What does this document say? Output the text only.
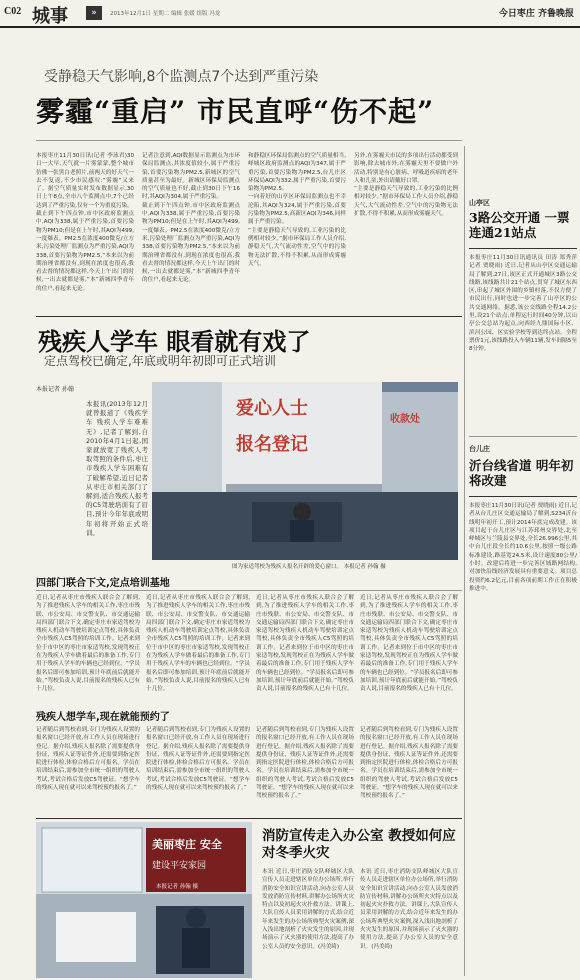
C02 城事	»	2013年12月1日 星期二 编辑 张媛 组版 冯龙	今日枣庄 齐鲁晚报
受静稳天气影响,8个监测点7个达到严重污染
雾霾“重启” 市民直呼“伤不起”
本报枣庄11月30日讯(记者 李泳君)30日一大早,天气就一片雾蒙蒙,整个城市仿佛一张黑白老照片,前两天的好天气一去不复返,不少市民感叹:“雾霾”又来了。据空气质量实时发布数据显示,30日上午8点,全市八个监测点中,7个已经达到了严重污染,仅有一个为重度污染。
截止到下午四点钟,市中区政府监测点中,AQI为338,属于严重污染,首要污染物为PM10;但是在上午时,其AQI为499,一度爆表。PM2.5在浓度400微克/立方米,污染处理厂监测点为严重污染,AQI为338,首要污染物为PM2.5,“本来以为前期治理省都没有,到现在浓度也很高,我看去督的情况都这样,今天上午出门的时候,一出去就都是雾,“本”新城四季青年的住户,看起来无论。
记者注意到,AQI数据显示监测点为市环保局监测点,其浓度值较小,属于严重污染,首要污染物为PM2.5,新城区的空气质量甚至为最好。新城区环保局监测点的空气质量也不好,截止到30日下午16时,其AQI为304,属于严重污染。
截止到下午四点钟,市中区政府监测点中,AQI为338,属于严重污染,首要污染物为PM10;但是在上午时,其AQI为499,一度爆表。PM2.5在浓度400微克/立方米,污染处理厂监测点为严重污染,AQI为338,首要污染物为PM2.5,“本来以为前期治理省都没有,到现在浓度也很高,我看去督的情况都这样,今天上午出门的时候,一出去就都是雾,“本”新城四季青年的住户,看起来无论。
和静稳区环保局监测点的空气质量相当,峄城区政府监测点的AQI为347,属于严重污染,首要污染物为PM2.5,台儿庄区环保局AQI为332,属于严重污染,首要污染物为PM2.5。
一向着好的山亭区环保局监测点也不幸沦陷,其AQI为324,属于严重污染,首要污染物为PM2.5,高新区AQI为346,同样属于严重污染。
“主要是静稳天气导致的,工业污染的比例相对较少。”据市环保局工作人员介绍,静稳天气,大气流动性差,空气中的污染物无法扩散,不得不积累,从而形成雾霾天气。
另外,在雾霾天市民的多项出行活动都受到影响,除去城市外,在雾霾天里不要做户外活动,特别是有心脏病、呼吸道疾病的老年人和儿童,外出请戴好口罩。
“主要是静稳天气导致的,工业污染的比例相对较少。”据市环保局工作人员介绍,静稳天气,大气流动性差,空气中的污染物无法扩散,不得不积累,从而形成雾霾天气。
山亭区
3路公交开通 一票连通21站点
本报枣庄11月30日讯通讯员 田涛 郑秀萍 记者 贾晓雨) 近日,记者从山亭区交通运输局了解到,27日,该区正式开通城区3路公交线路,该线路共计21个站点,贯穿了城区东西区,串起了城区外围的乡镇村落,不仅方便了市民出行,同时也进一步完善了山亭区的公共交通网络。据悉,该公交线路全程14.2公里,设21个站点,单程运行时间40分钟,以山亭公交总站为起点,向西经九鼎国际小区、滨河公园、区实验学校等到达终点站。全程票价1元,该线路投入车辆11辆,发车间隔5至8分钟。
台儿庄
沂台线省道 明年初将改建
本报枣庄11月30日讯(记者 贾晓雨) 近日,记者从台儿庄区交通运输局了解到,S234沂台线明年初开工,预计2014年底完成改建。该项目起于台儿庄区与江苏邳州交界处,北至峄城区与兰陵县交界处,全长26.996公里,其中台儿庄段全长约10.6公里,按照一级公路标准建设,路基宽24.5米,设计速度80公里/小时。改建后将进一步完善区域路网结构,对加快沿线经济发展具有重要意义。项目总投资约6.2亿元,目前各项前期工作正在积极推进中。
残疾人学车 眼看就有戏了
定点驾校已确定,年底或明年初即可正式培训
本报记者 孙翰
本报讯(2013年12月就曾报道了《残疾学车 残疾人学车难难无》,记者了解到,自2010年4月1日起,国家就放宽了残疾人考取驾照的条件后,枣庄市残疾人学车困难有了破解希望,近日记者从枣庄市相关部门了解到,适合残疾人报考的C5驾驶培训有了眉目,预计今年年底或明年初将开始正式培训。
爱心人士
报名登记
收款处
图为家适驾校为残疾人报名开辟的爱心窗口。 本报记者 孙翰 摄
四部门联合下文,定点培训基地
近日,记者从枣庄市残疾人联合会了解到,为了推进残疾人学车的相关工作,枣庄市残联、市公安局、市交警支队、市交通运输局四部门联合下文,确定枣庄市家适驾校为残疾人机动车驾驶培训定点驾校,具体负责全市残疾人C5驾照的培训工作。记者来到位于市中区的枣庄市家适驾校,发现驾校正在为残疾人学车做着最后的准备工作,专门用于残疾人学车的车辆也已经到位。“学员报名后即可参加培训,预计年底前后就能开始。”驾校负责人说,目前报名的残疾人已有十几位。
近日,记者从枣庄市残疾人联合会了解到,为了推进残疾人学车的相关工作,枣庄市残联、市公安局、市交警支队、市交通运输局四部门联合下文,确定枣庄市家适驾校为残疾人机动车驾驶培训定点驾校,具体负责全市残疾人C5驾照的培训工作。记者来到位于市中区的枣庄市家适驾校,发现驾校正在为残疾人学车做着最后的准备工作,专门用于残疾人学车的车辆也已经到位。“学员报名后即可参加培训,预计年底前后就能开始。”驾校负责人说,目前报名的残疾人已有十几位。
近日,记者从枣庄市残疾人联合会了解到,为了推进残疾人学车的相关工作,枣庄市残联、市公安局、市交警支队、市交通运输局四部门联合下文,确定枣庄市家适驾校为残疾人机动车驾驶培训定点驾校,具体负责全市残疾人C5驾照的培训工作。记者来到位于市中区的枣庄市家适驾校,发现驾校正在为残疾人学车做着最后的准备工作,专门用于残疾人学车的车辆也已经到位。“学员报名后即可参加培训,预计年底前后就能开始。”驾校负责人说,目前报名的残疾人已有十几位。
近日,记者从枣庄市残疾人联合会了解到,为了推进残疾人学车的相关工作,枣庄市残联、市公安局、市交警支队、市交通运输局四部门联合下文,确定枣庄市家适驾校为残疾人机动车驾驶培训定点驾校,具体负责全市残疾人C5驾照的培训工作。记者来到位于市中区的枣庄市家适驾校,发现驾校正在为残疾人学车做着最后的准备工作,专门用于残疾人学车的车辆也已经到位。“学员报名后即可参加培训,预计年底前后就能开始。”驾校负责人说,目前报名的残疾人已有十几位。
残疾人想学车,现在就能预约了
记者随后到驾校看到,专门为残疾人设置的报名窗口已经开放,有工作人员在现场进行登记。据介绍,残疾人报名除了需要提供身份证、残疾人证等证件外,还需要到指定医院进行体检,体检合格后方可报名。学员在培训结束后,需参加全市统一组织的驾驶人考试,考试合格后发放C5驾驶证。“想学车的残疾人现在就可以来驾校预约报名了。”
记者随后到驾校看到,专门为残疾人设置的报名窗口已经开放,有工作人员在现场进行登记。据介绍,残疾人报名除了需要提供身份证、残疾人证等证件外,还需要到指定医院进行体检,体检合格后方可报名。学员在培训结束后,需参加全市统一组织的驾驶人考试,考试合格后发放C5驾驶证。“想学车的残疾人现在就可以来驾校预约报名了。”
记者随后到驾校看到,专门为残疾人设置的报名窗口已经开放,有工作人员在现场进行登记。据介绍,残疾人报名除了需要提供身份证、残疾人证等证件外,还需要到指定医院进行体检,体检合格后方可报名。学员在培训结束后,需参加全市统一组织的驾驶人考试,考试合格后发放C5驾驶证。“想学车的残疾人现在就可以来驾校预约报名了。”
记者随后到驾校看到,专门为残疾人设置的报名窗口已经开放,有工作人员在现场进行登记。据介绍,残疾人报名除了需要提供身份证、残疾人证等证件外,还需要到指定医院进行体检,体检合格后方可报名。学员在培训结束后,需参加全市统一组织的驾驶人考试,考试合格后发放C5驾驶证。“想学车的残疾人现在就可以来驾校预约报名了。”
美丽枣庄 安全
建设平安家园
本报记者 孙翰 摄
消防宣传走入办公室 教授如何应对冬季火灾
本讯 近日,枣庄消防支队峄城区大队宣传人员走进辖区单位办公场所,举行消防安全知识宣讲活动,向办公室人员发放消防宣传材料,讲解办公场所火灾特点以及初起火灾扑救方法。讲课上,大队宣传人员采用讲解的方式,结合近年来发生的办公场所典型火灾案例,深入浅出地剖析了火灾发生的原因,并现场演示了灭火器的使用方法,提高了办公室人员的安全意识。(冯美绮)
本讯 近日,枣庄消防支队峄城区大队宣传人员走进辖区单位办公场所,举行消防安全知识宣讲活动,向办公室人员发放消防宣传材料,讲解办公场所火灾特点以及初起火灾扑救方法。讲课上,大队宣传人员采用讲解的方式,结合近年来发生的办公场所典型火灾案例,深入浅出地剖析了火灾发生的原因,并现场演示了灭火器的使用方法,提高了办公室人员的安全意识。(冯美绮)
